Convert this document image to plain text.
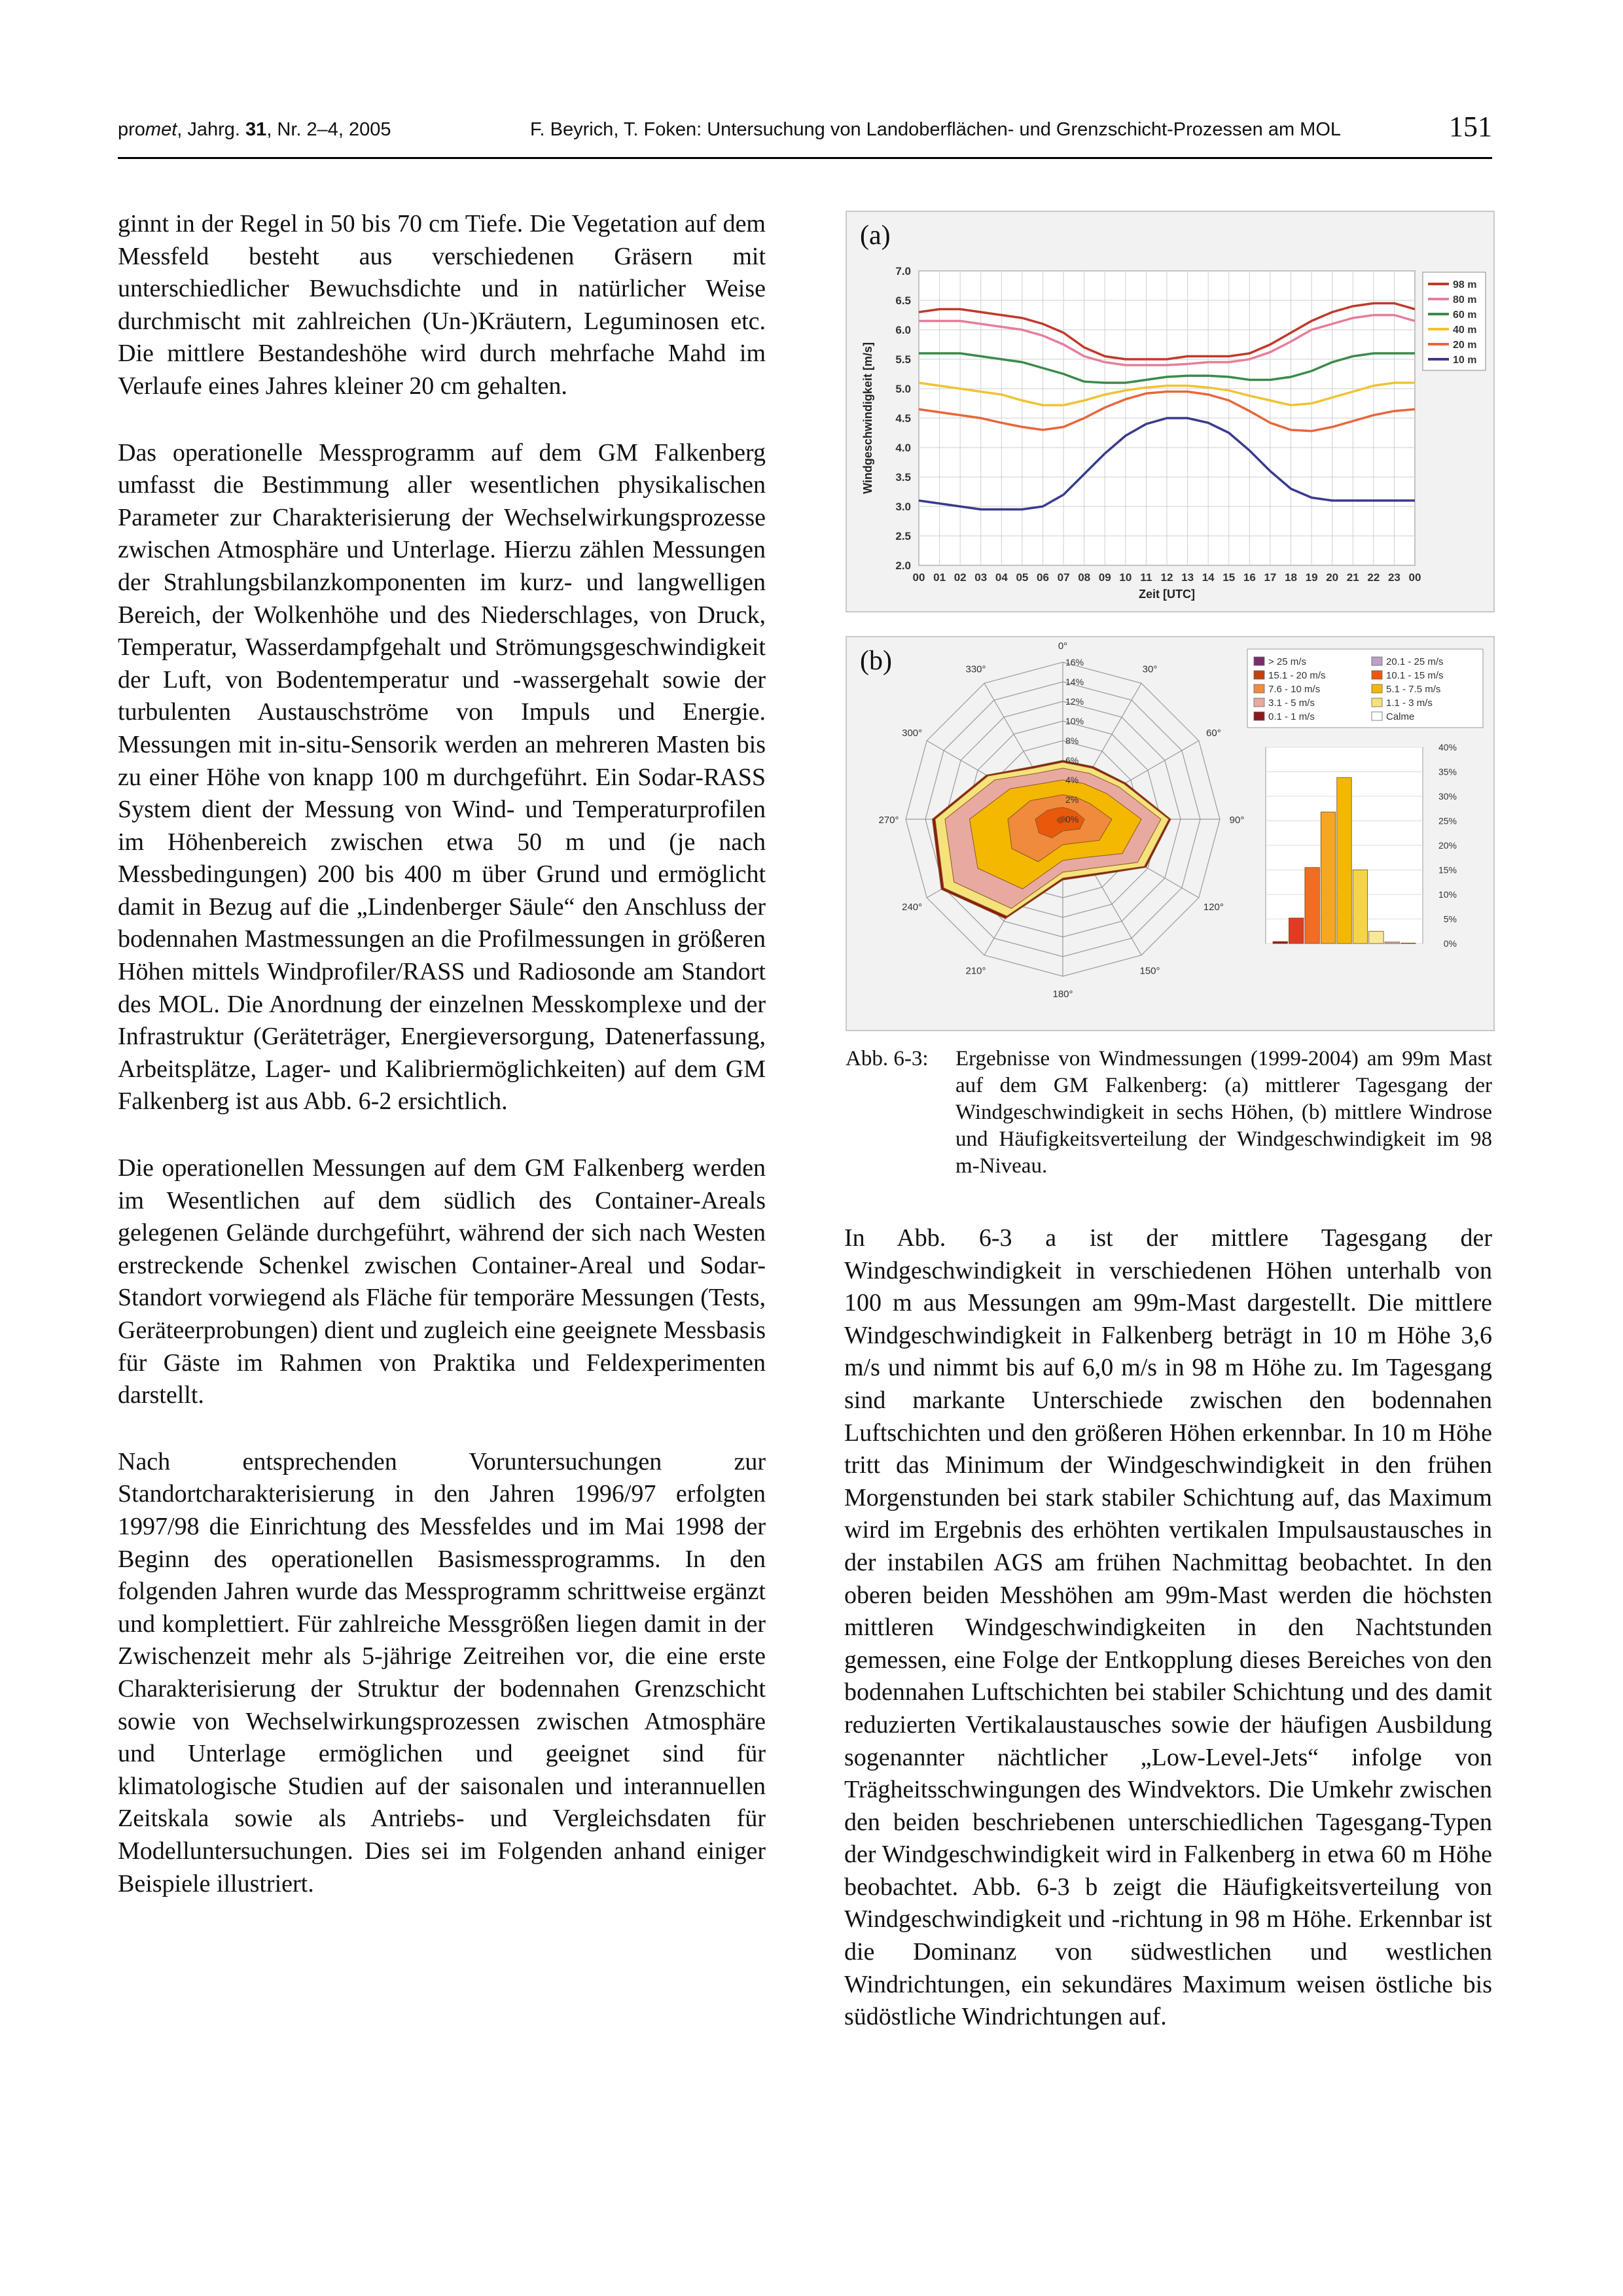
promet, Jahrg. 31, Nr. 2–4, 2005	F. Beyrich, T. Foken: Untersuchung von Landoberflächen- und Grenzschicht-Prozessen am MOL	151

ginnt in der Regel in 50 bis 70 cm Tiefe. Die Vegetation auf dem Messfeld besteht aus verschiedenen Gräsern mit unterschiedlicher Bewuchsdichte und in natürlicher Weise durchmischt mit zahlreichen (Un-)Kräutern, Leguminosen etc. Die mittlere Bestandeshöhe wird durch mehrfache Mahd im Verlaufe eines Jahres kleiner 20 cm gehalten.

Das operationelle Messprogramm auf dem GM Falkenberg umfasst die Bestimmung aller wesentlichen physikalischen Parameter zur Charakterisierung der Wechselwirkungsprozesse zwischen Atmosphäre und Unterlage. Hierzu zählen Messungen der Strahlungsbilanzkomponenten im kurz- und langwelligen Bereich, der Wolkenhöhe und des Niederschlages, von Druck, Temperatur, Wasserdampfgehalt und Strömungsgeschwindigkeit der Luft, von Bodentemperatur und -wassergehalt sowie der turbulenten Austauschströme von Impuls und Energie. Messungen mit in-situ-Sensorik werden an mehreren Masten bis zu einer Höhe von knapp 100 m durchgeführt. Ein Sodar-RASS System dient der Messung von Wind- und Temperaturprofilen im Höhenbereich zwischen etwa 50 m und (je nach Messbedingungen) 200 bis 400 m über Grund und ermöglicht damit in Bezug auf die „Lindenberger Säule“ den Anschluss der bodennahen Mastmessungen an die Profilmessungen in größeren Höhen mittels Windprofiler/RASS und Radiosonde am Standort des MOL. Die Anordnung der einzelnen Messkomplexe und der Infrastruktur (Geräteträger, Energieversorgung, Datenerfassung, Arbeitsplätze, Lager- und Kalibriermöglichkeiten) auf dem GM Falkenberg ist aus Abb. 6-2 ersichtlich.

Die operationellen Messungen auf dem GM Falkenberg werden im Wesentlichen auf dem südlich des Container-Areals gelegenen Gelände durchgeführt, während der sich nach Westen erstreckende Schenkel zwischen Container-Areal und Sodar-Standort vorwiegend als Fläche für temporäre Messungen (Tests, Geräteerprobungen) dient und zugleich eine geeignete Messbasis für Gäste im Rahmen von Praktika und Feldexperimenten darstellt.

Nach entsprechenden Voruntersuchungen zur Standortcharakterisierung in den Jahren 1996/97 erfolgten 1997/98 die Einrichtung des Messfeldes und im Mai 1998 der Beginn des operationellen Basismessprogramms. In den folgenden Jahren wurde das Messprogramm schrittweise ergänzt und komplettiert. Für zahlreiche Messgrößen liegen damit in der Zwischenzeit mehr als 5-jährige Zeitreihen vor, die eine erste Charakterisierung der Struktur der bodennahen Grenzschicht sowie von Wechselwirkungsprozessen zwischen Atmosphäre und Unterlage ermöglichen und geeignet sind für klimatologische Studien auf der saisonalen und interannuellen Zeitskala sowie als Antriebs- und Vergleichsdaten für Modelluntersuchungen. Dies sei im Folgenden anhand einiger Beispiele illustriert.

2.0
2.5
3.0
3.5
4.0
4.5
5.0
5.5
6.0
6.5
7.0
00 01 02 03 04 05 06 07 08 09 10 11 12 13 14 15 16 17 18 19 20 21 22 23 00
Zeit [UTC]
Windgeschwindigkeit [m/s]
98 m
80 m
60 m
40 m
20 m
10 m
(a)
0%
2%
4%
6%
8%
10%
12%
14%
16%
0°
30°
60°
90°
120°
150°
180°
210°
240°
270°
300°
330°
> 25 m/s
15.1 - 20 m/s
7.6 - 10 m/s
3.1 - 5 m/s
0.1 - 1 m/s
20.1 - 25 m/s
10.1 - 15 m/s
5.1 - 7.5 m/s
1.1 - 3 m/s
Calme
0%
5%
10%
15%
20%
25%
30%
35%
40%
(b)
Abb. 6-3: Ergebnisse von Windmessungen (1999-2004) am 99m Mast auf dem GM Falkenberg: (a) mittlerer Tagesgang der Windgeschwindigkeit in sechs Höhen, (b) mittlere Windrose und Häufigkeitsverteilung der Windgeschwindigkeit im 98 m-Niveau.

In Abb. 6-3 a ist der mittlere Tagesgang der Windgeschwindigkeit in verschiedenen Höhen unterhalb von 100 m aus Messungen am 99m-Mast dargestellt. Die mittlere Windgeschwindigkeit in Falkenberg beträgt in 10 m Höhe 3,6 m/s und nimmt bis auf 6,0 m/s in 98 m Höhe zu. Im Tagesgang sind markante Unterschiede zwischen den bodennahen Luftschichten und den größeren Höhen erkennbar. In 10 m Höhe tritt das Minimum der Windgeschwindigkeit in den frühen Morgenstunden bei stark stabiler Schichtung auf, das Maximum wird im Ergebnis des erhöhten vertikalen Impulsaustausches in der instabilen AGS am frühen Nachmittag beobachtet. In den oberen beiden Messhöhen am 99m-Mast werden die höchsten mittleren Windgeschwindigkeiten in den Nachtstunden gemessen, eine Folge der Entkopplung dieses Bereiches von den bodennahen Luftschichten bei stabiler Schichtung und des damit reduzierten Vertikalaustausches sowie der häufigen Ausbildung sogenannter nächtlicher „Low-Level-Jets“ infolge von Trägheitsschwingungen des Windvektors. Die Umkehr zwischen den beiden beschriebenen unterschiedlichen Tagesgang-Typen der Windgeschwindigkeit wird in Falkenberg in etwa 60 m Höhe beobachtet. Abb. 6-3 b zeigt die Häufigkeitsverteilung von Windgeschwindigkeit und -richtung in 98 m Höhe. Erkennbar ist die Dominanz von südwestlichen und westlichen Windrichtungen, ein sekundäres Maximum weisen östliche bis südöstliche Windrichtungen auf.
